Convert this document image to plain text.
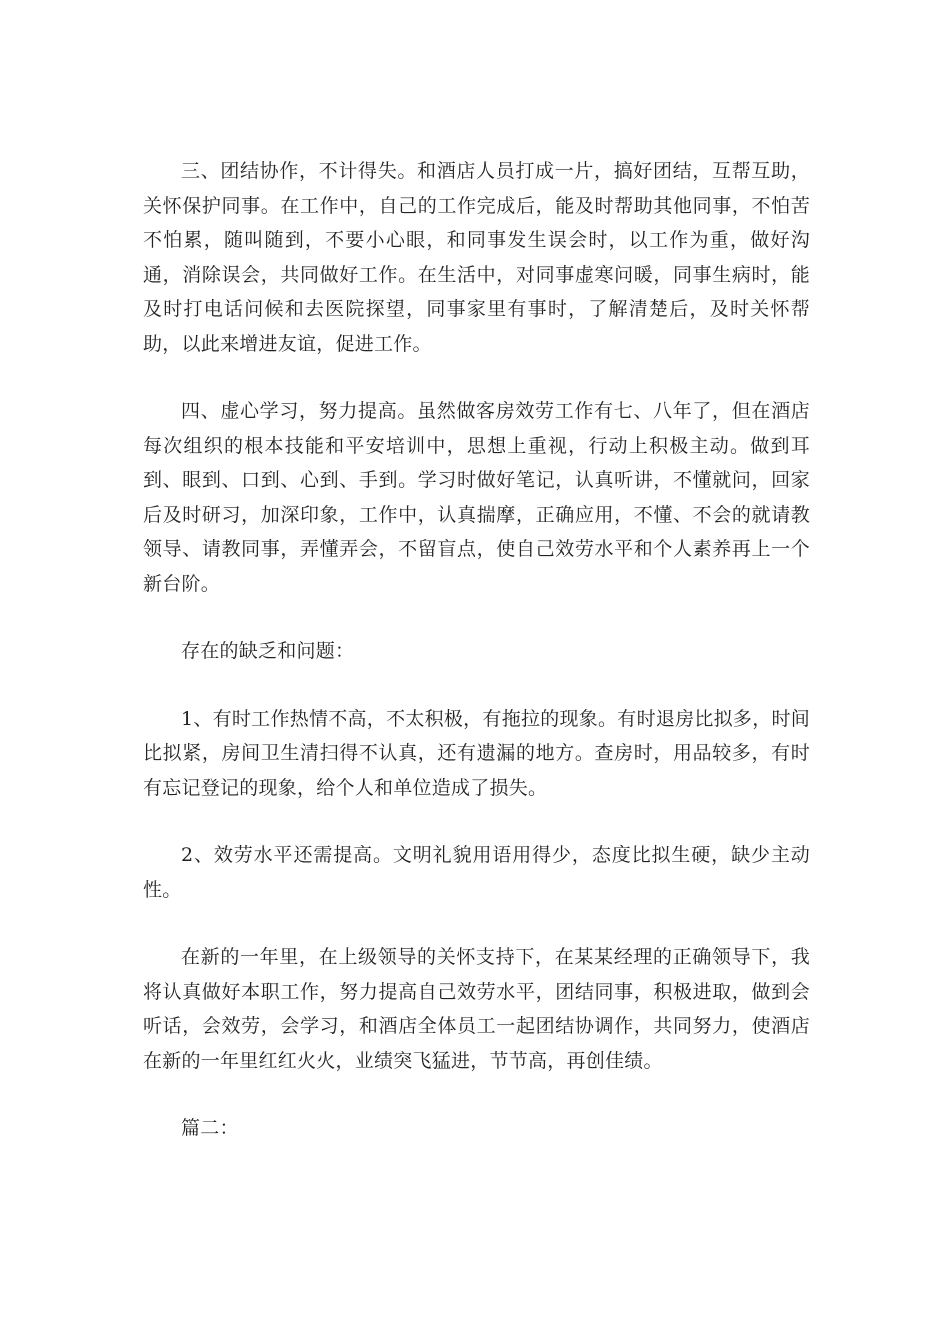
三、团结协作，不计得失。和酒店人员打成一片，搞好团结，互帮互助，关怀保护同事。在工作中，自己的工作完成后，能及时帮助其他同事，不怕苦不怕累，随叫随到，不要小心眼，和同事发生误会时，以工作为重，做好沟通，消除误会，共同做好工作。在生活中，对同事虚寒问暖，同事生病时，能及时打电话问候和去医院探望，同事家里有事时，了解清楚后，及时关怀帮助，以此来增进友谊，促进工作。

四、虚心学习，努力提高。虽然做客房效劳工作有七、八年了，但在酒店每次组织的根本技能和平安培训中，思想上重视，行动上积极主动。做到耳到、眼到、口到、心到、手到。学习时做好笔记，认真听讲，不懂就问，回家后及时研习，加深印象，工作中，认真揣摩，正确应用，不懂、不会的就请教领导、请教同事，弄懂弄会，不留盲点，使自己效劳水平和个人素养再上一个新台阶。

存在的缺乏和问题：

1、有时工作热情不高，不太积极，有拖拉的现象。有时退房比拟多，时间比拟紧，房间卫生清扫得不认真，还有遗漏的地方。查房时，用品较多，有时有忘记登记的现象，给个人和单位造成了损失。

2、效劳水平还需提高。文明礼貌用语用得少，态度比拟生硬，缺少主动性。

在新的一年里，在上级领导的关怀支持下，在某某经理的正确领导下，我将认真做好本职工作，努力提高自己效劳水平，团结同事，积极进取，做到会听话，会效劳，会学习，和酒店全体员工一起团结协调作，共同努力，使酒店在新的一年里红红火火，业绩突飞猛进，节节高，再创佳绩。

篇二：
